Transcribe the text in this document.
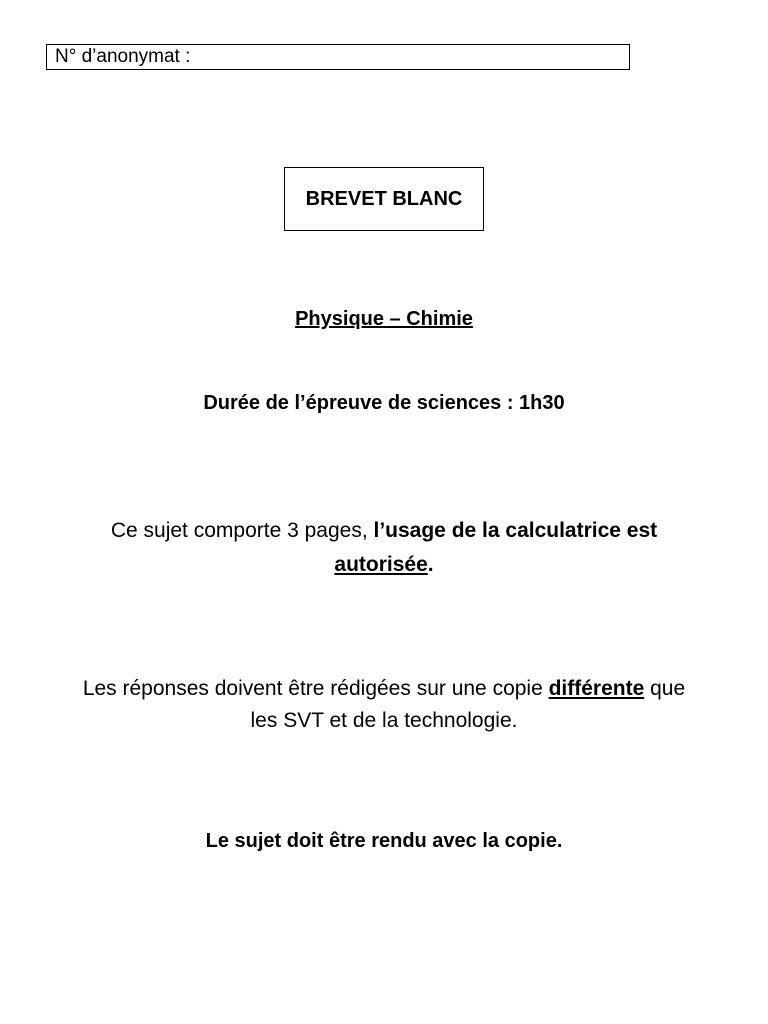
N° d’anonymat :
BREVET BLANC
Physique – Chimie
Durée de l’épreuve de sciences : 1h30
Ce sujet comporte 3 pages, l’usage de la calculatrice est
autorisée.
Les réponses doivent être rédigées sur une copie différente que
les SVT et de la technologie.
Le sujet doit être rendu avec la copie.
